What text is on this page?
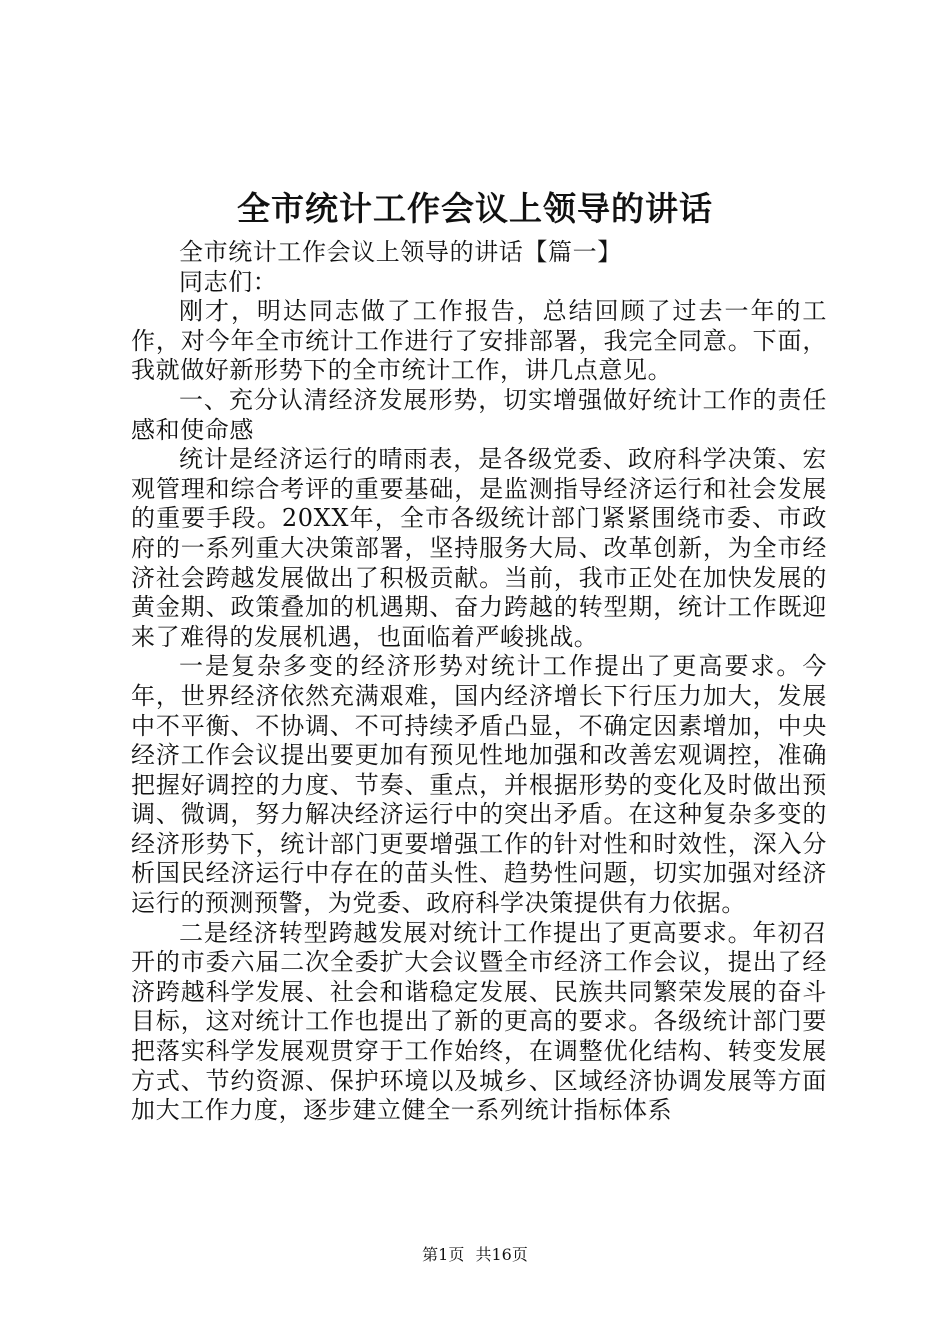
全市统计工作会议上领导的讲话

全市统计工作会议上领导的讲话【篇一】

同志们：

刚才，明达同志做了工作报告，总结回顾了过去一年的工作，对今年全市统计工作进行了安排部署，我完全同意。下面，我就做好新形势下的全市统计工作，讲几点意见。

一、充分认清经济发展形势，切实增强做好统计工作的责任感和使命感

统计是经济运行的晴雨表，是各级党委、政府科学决策、宏观管理和综合考评的重要基础，是监测指导经济运行和社会发展的重要手段。20XX年，全市各级统计部门紧紧围绕市委、市政府的一系列重大决策部署，坚持服务大局、改革创新，为全市经济社会跨越发展做出了积极贡献。当前，我市正处在加快发展的黄金期、政策叠加的机遇期、奋力跨越的转型期，统计工作既迎来了难得的发展机遇，也面临着严峻挑战。

一是复杂多变的经济形势对统计工作提出了更高要求。今年，世界经济依然充满艰难，国内经济增长下行压力加大，发展中不平衡、不协调、不可持续矛盾凸显，不确定因素增加，中央经济工作会议提出要更加有预见性地加强和改善宏观调控，准确把握好调控的力度、节奏、重点，并根据形势的变化及时做出预调、微调，努力解决经济运行中的突出矛盾。在这种复杂多变的经济形势下，统计部门更要增强工作的针对性和时效性，深入分析国民经济运行中存在的苗头性、趋势性问题，切实加强对经济运行的预测预警，为党委、政府科学决策提供有力依据。

二是经济转型跨越发展对统计工作提出了更高要求。年初召开的市委六届二次全委扩大会议暨全市经济工作会议，提出了经济跨越科学发展、社会和谐稳定发展、民族共同繁荣发展的奋斗目标，这对统计工作也提出了新的更高的要求。各级统计部门要把落实科学发展观贯穿于工作始终，在调整优化结构、转变发展方式、节约资源、保护环境以及城乡、区域经济协调发展等方面加大工作力度，逐步建立健全一系列统计指标体系

第1页 共16页
